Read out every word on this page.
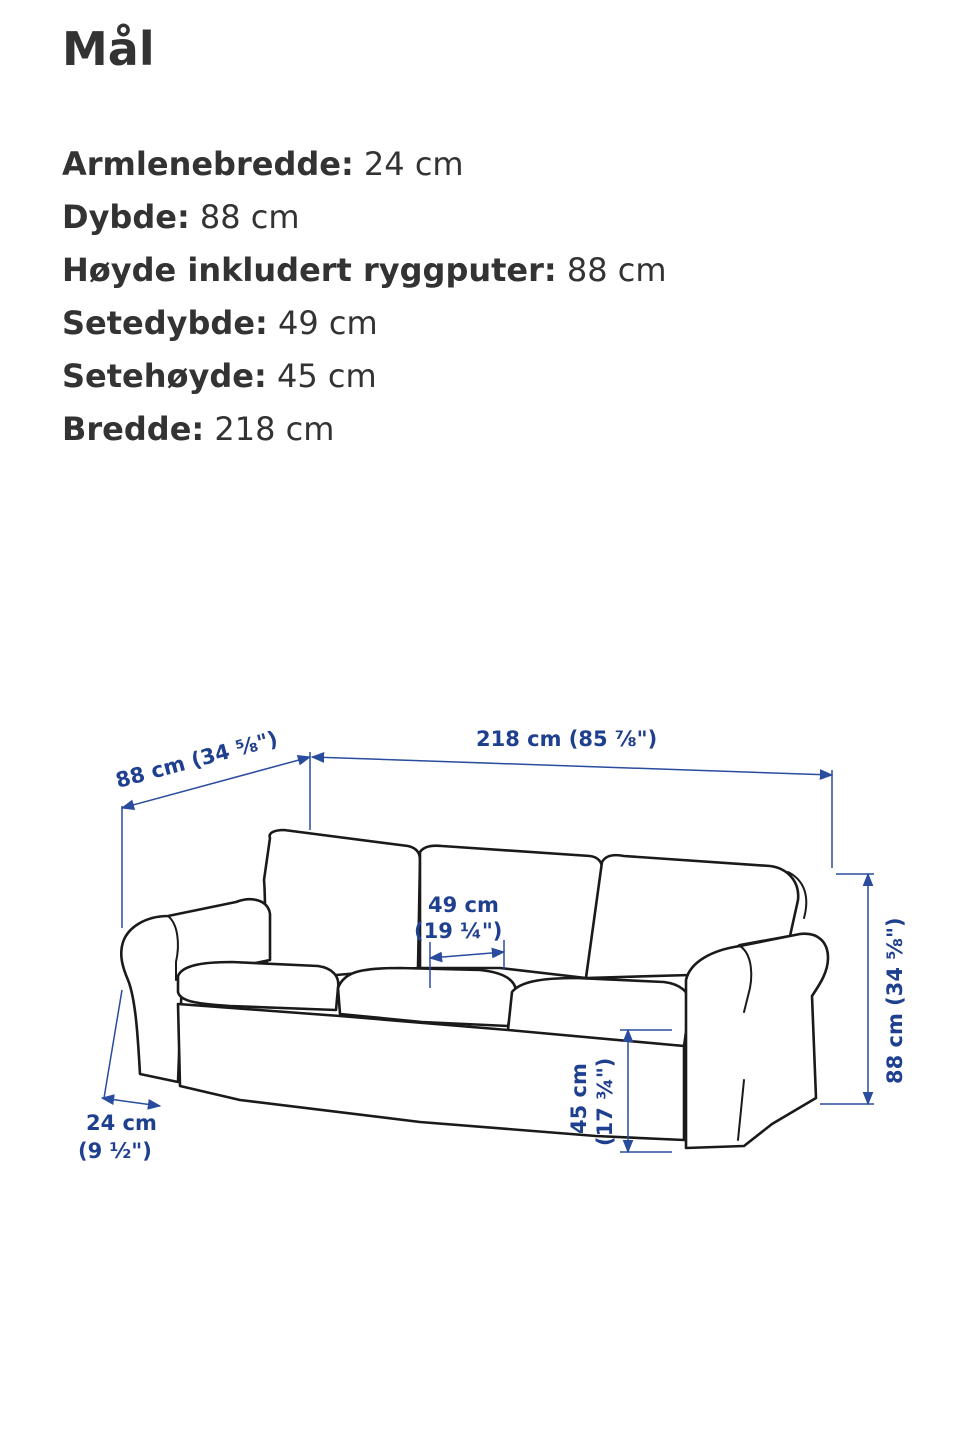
Mål
Armlenebredde: 24 cm
Dybde: 88 cm
Høyde inkludert ryggputer: 88 cm
Setedybde: 49 cm
Setehøyde: 45 cm
Bredde: 218 cm
88 cm (34 ⅝")	218 cm (85 ⅞")
88 cm (34 ⅝")
49 cm
(19 ¼")
45 cm (17 ¾")
24 cm
(9 ½")
